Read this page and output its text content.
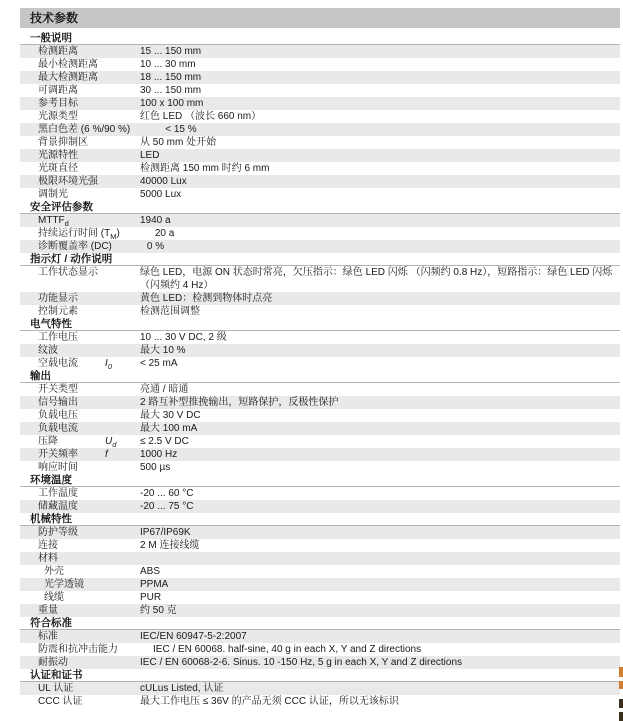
技术参数
一般说明
检测距离	15 ... 150 mm
最小检测距离	10 ... 30 mm
最大检测距离	18 ... 150 mm
可调距离	30 ... 150 mm
参考目标	100 x 100 mm
光源类型	红色 LED （波长 660 nm）
黑白色差 (6 %/90 %)	< 15 %
背景抑制区	从 50 mm 处开始
光源特性	LED
光斑直径	检测距离 150 mm 时约 6 mm
极限环境光强	40000 Lux
调制光	5000 Lux
安全评估参数
$MTTF_d$	1940 a
持续运行时间 $(T_M)$	20 a
诊断覆盖率 (DC)	0 %
指示灯 / 动作说明
工作状态显示	绿色 LED，电源 ON 状态时常亮，欠压指示：绿色 LED 闪烁 （闪频约 0.8 Hz），短路指示：绿色 LED 闪烁 （闪频约 4 Hz）
功能显示	黄色 LED：检测到物体时点亮
控制元素	检测范围调整
电气特性
工作电压	10 ... 30 V DC, 2 级
纹波	最大 10 %
空载电流	$I_0$	< 25 mA
输出
开关类型	亮通 / 暗通
信号输出	2 路互补型推挽输出，短路保护，反极性保护
负载电压	最大 30 V DC
负载电流	最大 100 mA
压降	$U_d$	≤ 2.5 V DC
开关频率	f	1000 Hz
响应时间	500 µs
环境温度
工作温度	-20 ... 60 °C
储藏温度	-20 ... 75 °C
机械特性
防护等级	IP67/IP69K
连接	2 M 连接线缆
材料
外壳	ABS
光学透镜	PPMA
线缆	PUR
重量	约 50 克
符合标准
标准	IEC/EN 60947-5-2:2007
防震和抗冲击能力	IEC / EN 60068. half-sine, 40 g in each X, Y and Z directions
耐振动	IEC / EN 60068-2-6. Sinus. 10 -150 Hz, 5 g in each X, Y and Z directions
认证和证书
UL 认证	cULus Listed, 认证
CCC 认证	最大工作电压 ≤ 36V 的产品无须 CCC 认证，所以无该标识
